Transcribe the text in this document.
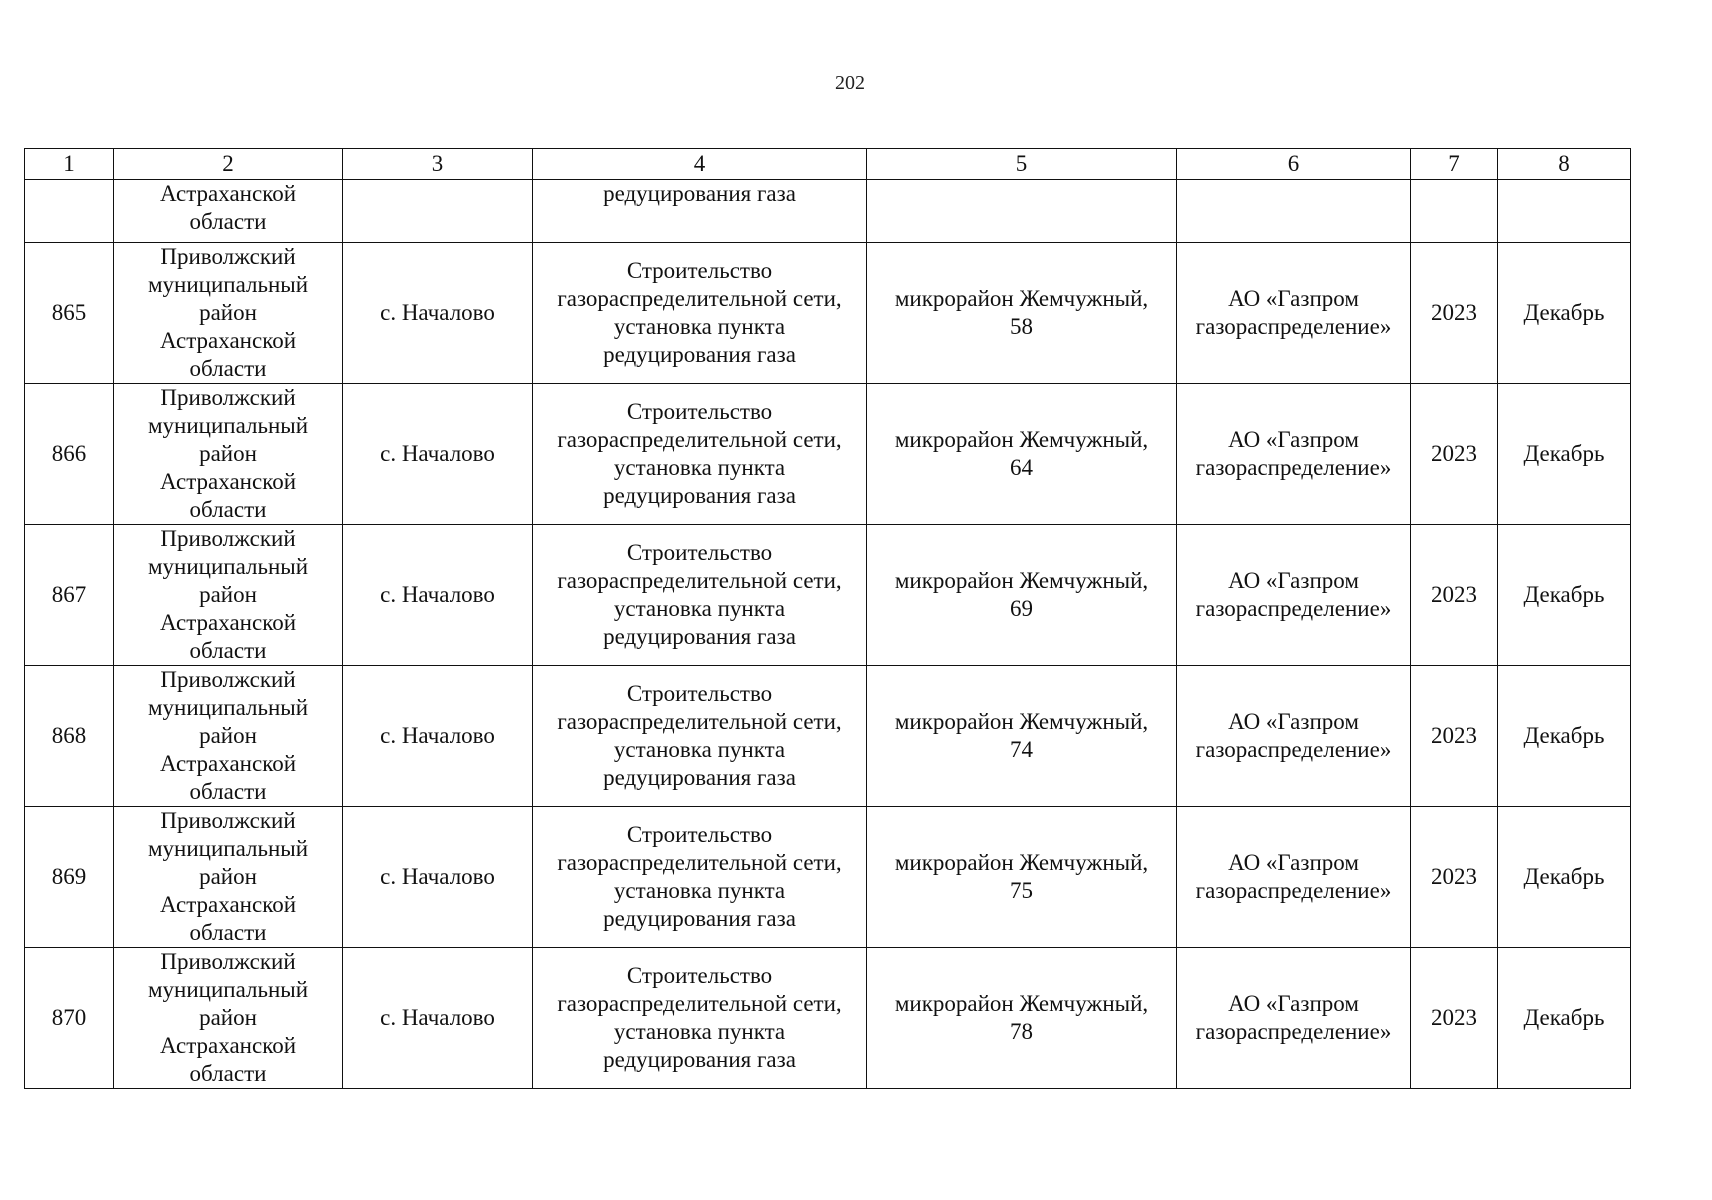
202
1	2	3	4	5	6	7	8
	Астраханской
области		редуцирования газа				
865	Приволжский
муниципальный
район
Астраханской
области	с. Началово	Строительство
газораспределительной сети,
установка пункта
редуцирования газа	микрорайон Жемчужный,
58	АО «Газпром
газораспределение»	2023	Декабрь
866	Приволжский
муниципальный
район
Астраханской
области	с. Началово	Строительство
газораспределительной сети,
установка пункта
редуцирования газа	микрорайон Жемчужный,
64	АО «Газпром
газораспределение»	2023	Декабрь
867	Приволжский
муниципальный
район
Астраханской
области	с. Началово	Строительство
газораспределительной сети,
установка пункта
редуцирования газа	микрорайон Жемчужный,
69	АО «Газпром
газораспределение»	2023	Декабрь
868	Приволжский
муниципальный
район
Астраханской
области	с. Началово	Строительство
газораспределительной сети,
установка пункта
редуцирования газа	микрорайон Жемчужный,
74	АО «Газпром
газораспределение»	2023	Декабрь
869	Приволжский
муниципальный
район
Астраханской
области	с. Началово	Строительство
газораспределительной сети,
установка пункта
редуцирования газа	микрорайон Жемчужный,
75	АО «Газпром
газораспределение»	2023	Декабрь
870	Приволжский
муниципальный
район
Астраханской
области	с. Началово	Строительство
газораспределительной сети,
установка пункта
редуцирования газа	микрорайон Жемчужный,
78	АО «Газпром
газораспределение»	2023	Декабрь
